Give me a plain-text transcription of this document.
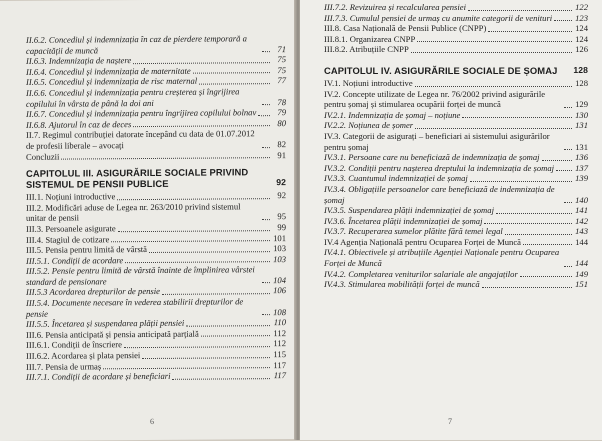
II.6.2. Concediul și indemnizația în caz de pierdere temporară a capacității de muncă	71
II.6.3. Indemnizația de naștere	75
II.6.4. Concediul și indemnizația de maternitate	75
II.6.5. Concediul și indemnizația de risc maternal	77
II.6.6. Concediul și indemnizația pentru creșterea și îngrijirea copilului în vârsta de până la doi ani	78
II.6.7. Concediul și indemnizația pentru îngrijirea copilului bolnav	79
II.6.8. Ajutorul în caz de deces	80
II.7. Regimul contribuției datorate începând cu data de 01.07.2012 de profesii liberale – avocați	82
Concluzii	91
CAPITOLUL III. ASIGURĂRILE SOCIALE PRIVIND SISTEMUL DE PENSII PUBLICE	92
III.1. Noțiuni introductive	92
III.2. Modificări aduse de Legea nr. 263/2010 privind sistemul unitar de pensii	95
III.3. Persoanele asigurate	99
III.4. Stagiul de cotizare	101
III.5. Pensia pentru limită de vârstă	103
III.5.1. Condiții de acordare	103
III.5.2. Pensie pentru limită de vârstă înainte de împlinirea vârstei standard de pensionare	104
III.5.3 Acordarea drepturilor de pensie	106
III.5.4. Documente necesare în vederea stabilirii drepturilor de pensie	108
III.5.5. Încetarea și suspendarea plății pensiei	110
III.6. Pensia anticipată și pensia anticipată parțială	112
III.6.1. Condiții de înscriere	112
III.6.2. Acordarea și plata pensiei	115
III.7. Pensia de urmaș	117
III.7.1. Condiții de acordare și beneficiari	117
6
III.7.2. Revizuirea și recalcularea pensiei	122
III.7.3. Cumulul pensiei de urmaș cu anumite categorii de venituri	123
III.8. Casa Națională de Pensii Publice (CNPP)	124
III.8.1. Organizarea CNPP	124
III.8.2. Atribuțiile CNPP	126
CAPITOLUL IV. ASIGURĂRILE SOCIALE DE ȘOMAJ	128
IV.1. Noțiuni introductive	128
IV.2. Concepte utilizate de Legea nr. 76/2002 privind asigurările pentru șomaj și stimularea ocupării forței de muncă	129
IV.2.1. Indemnizația de șomaj – noțiune	130
IV.2.2. Noțiunea de șomer	131
IV.3. Categorii de asigurați – beneficiari ai sistemului asigurărilor pentru șomaj	131
IV.3.1. Persoane care nu beneficiază de indemnizația de șomaj	136
IV.3.2. Condiții pentru nașterea dreptului la indemnizația de șomaj 137
IV.3.3. Cuantumul indemnizației de șomaj	139
IV.3.4. Obligațiile persoanelor care beneficiază de indemnizația de șomaj	140
IV.3.5. Suspendarea plății indemnizației de șomaj	141
IV.3.6. Încetarea plății indemnizației de șomaj	142
IV.3.7. Recuperarea sumelor plătite fără temei legal	143
IV.4 Agenția Națională pentru Ocuparea Forței de Muncă	144
IV.4.1. Obiectivele și atribuțiile Agenției Naționale pentru Ocuparea Forței de Muncă	144
IV.4.2. Completarea veniturilor salariale ale angajaților	149
IV.4.3. Stimularea mobilității forței de muncă	151
7
